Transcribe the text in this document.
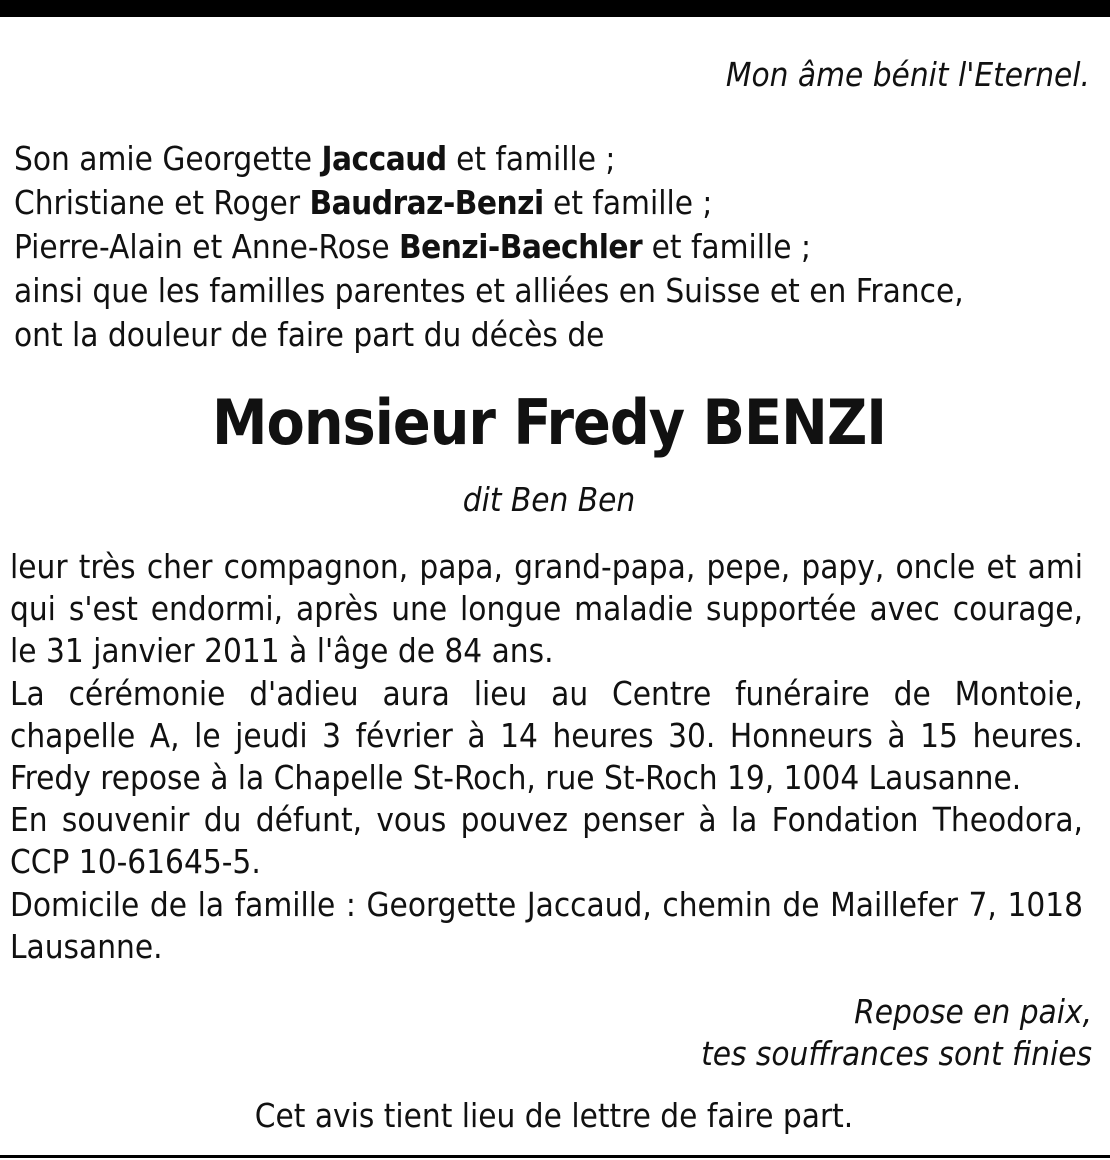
Mon âme bénit l'Eternel.

Son amie Georgette Jaccaud et famille ;
Christiane et Roger Baudraz-Benzi et famille ;
Pierre-Alain et Anne-Rose Benzi-Baechler et famille ;
ainsi que les familles parentes et alliées en Suisse et en France,
ont la douleur de faire part du décès de
Monsieur Fredy BENZI

dit Ben Ben

leur très cher compagnon, papa, grand-papa, pepe, papy, oncle et ami qui s'est endormi, après une longue maladie supportée avec courage, le 31 janvier 2011 à l'âge de 84 ans.

La cérémonie d'adieu aura lieu au Centre funéraire de Montoie, chapelle A, le jeudi 3 février à 14 heures 30. Honneurs à 15 heures. Fredy repose à la Chapelle St-Roch, rue St-Roch 19, 1004 Lausanne.

En souvenir du défunt, vous pouvez penser à la Fondation Theodora, CCP 10-61645-5.

Domicile de la famille : Georgette Jaccaud, chemin de Maillefer 7, 1018 Lausanne.

Repose en paix,
tes souffrances sont finies

Cet avis tient lieu de lettre de faire part.
